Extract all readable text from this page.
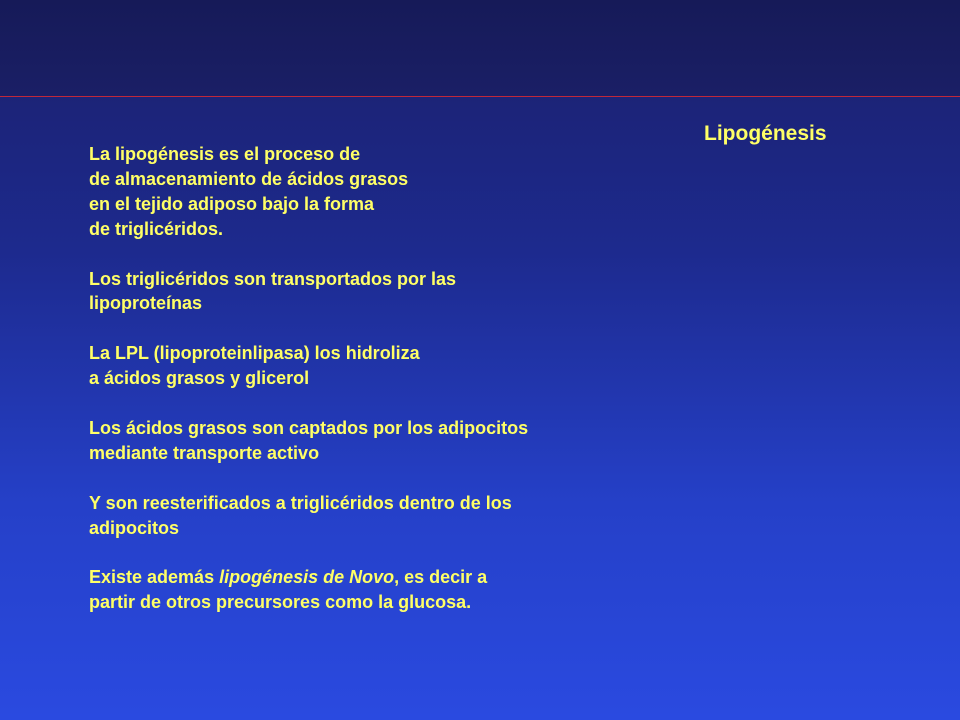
Lipogénesis
La lipogénesis es el proceso de
de almacenamiento de ácidos grasos
en el tejido adiposo bajo la forma
de triglicéridos.
Los triglicéridos son transportados por las
lipoproteínas
La LPL (lipoproteinlipasa) los hidroliza
a ácidos grasos y glicerol
Los ácidos grasos son captados por los adipocitos
mediante transporte activo
Y son reesterificados a triglicéridos dentro de los
adipocitos
Existe además lipogénesis de Novo, es decir a
partir de otros precursores como la glucosa.
